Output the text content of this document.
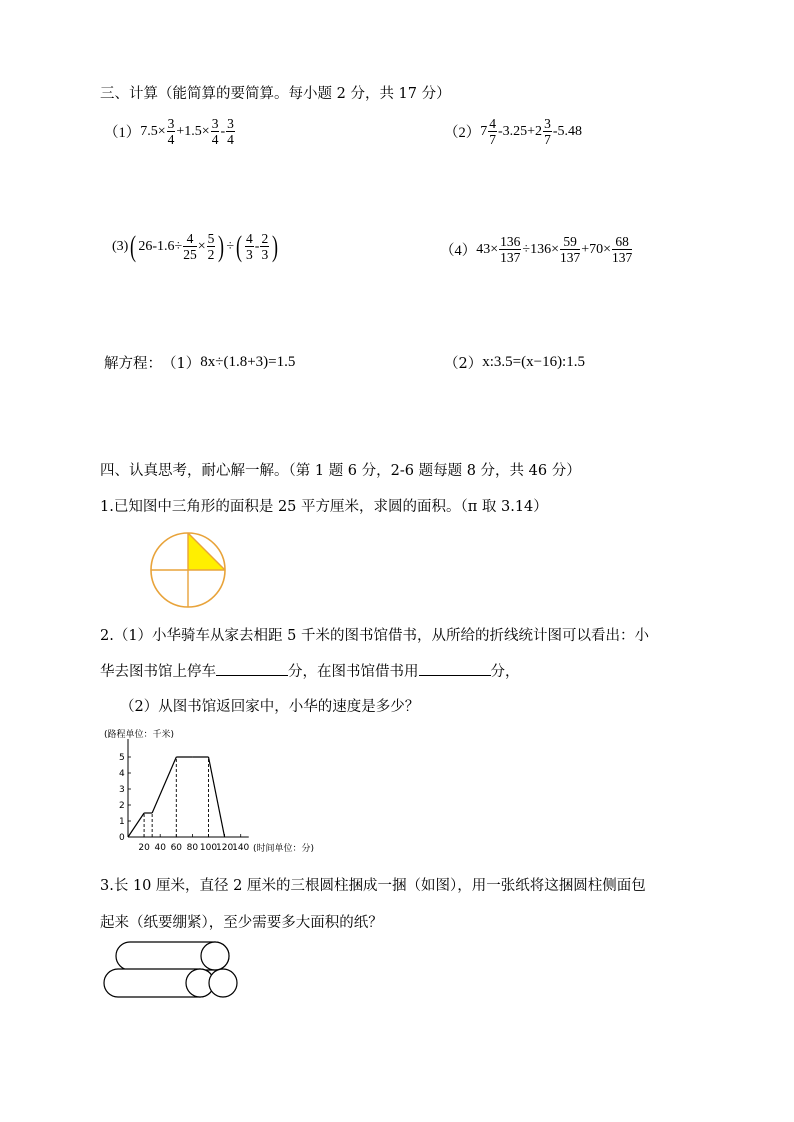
三、计算（能简算的要简算。每小题 2 分，共 17 分）
（1） $7.5\times \frac{3}{4} +1.5\times \frac{3}{4} - \frac{3}{4}$	（2） $7 \frac{4}{7} -3.25+2 \frac{3}{7} -5.48$
(3) ( $26-1.6\div \frac{4}{25} \times \frac{5}{2}$ ) ÷ ( $\frac{4}{3} - \frac{2}{3}$ )	（4） $43\times \frac{136}{137} \div 136\times \frac{59}{137} +70\times \frac{68}{137}$
解方程： （1） 8x÷(1.8+3)=1.5	（2） x:3.5=(x−16):1.5
四、认真思考，耐心解一解。（第 1 题 6 分，2-6 题每题 8 分，共 46 分）
1.已知图中三角形的面积是 25 平方厘米，求圆的面积。（π 取 3.14）
2.（1）小华骑车从家去相距 5 千米的图书馆借书，从所给的折线统计图可以看出：小
华去图书馆上停车	分，在图书馆借书用	分，
（2）从图书馆返回家中，小华的速度是多少？
(路程单位：千米)
(时间单位：分)
0
1
2
3
4
5
20 40 60 80 100
120
140
3.长 10 厘米，直径 2 厘米的三根圆柱捆成一捆（如图），用一张纸将这捆圆柱侧面包
起来（纸要绷紧），至少需要多大面积的纸？
